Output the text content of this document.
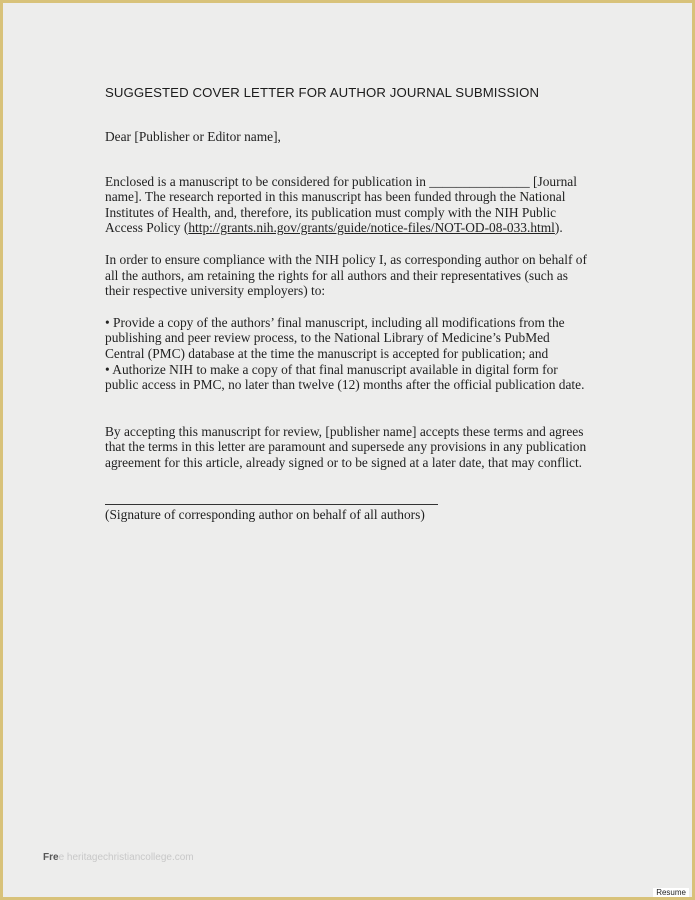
SUGGESTED COVER LETTER FOR AUTHOR JOURNAL SUBMISSION

Dear [Publisher or Editor name],

Enclosed is a manuscript to be considered for publication in _______________ [Journal
name]. The research reported in this manuscript has been funded through the National
Institutes of Health, and, therefore, its publication must comply with the NIH Public
Access Policy (http://grants.nih.gov/grants/guide/notice-files/NOT-OD-08-033.html).

In order to ensure compliance with the NIH policy I, as corresponding author on behalf of
all the authors, am retaining the rights for all authors and their representatives (such as
their respective university employers) to:

• Provide a copy of the authors’ final manuscript, including all modifications from the
publishing and peer review process, to the National Library of Medicine’s PubMed
Central (PMC) database at the time the manuscript is accepted for publication; and
• Authorize NIH to make a copy of that final manuscript available in digital form for
public access in PMC, no later than twelve (12) months after the official publication date.

By accepting this manuscript for review, [publisher name] accepts these terms and agrees
that the terms in this letter are paramount and supersede any provisions in any publication
agreement for this article, already signed or to be signed at a later date, that may conflict.

(Signature of corresponding author on behalf of all authors)
Free heritagechristiancollege.com
Resume
